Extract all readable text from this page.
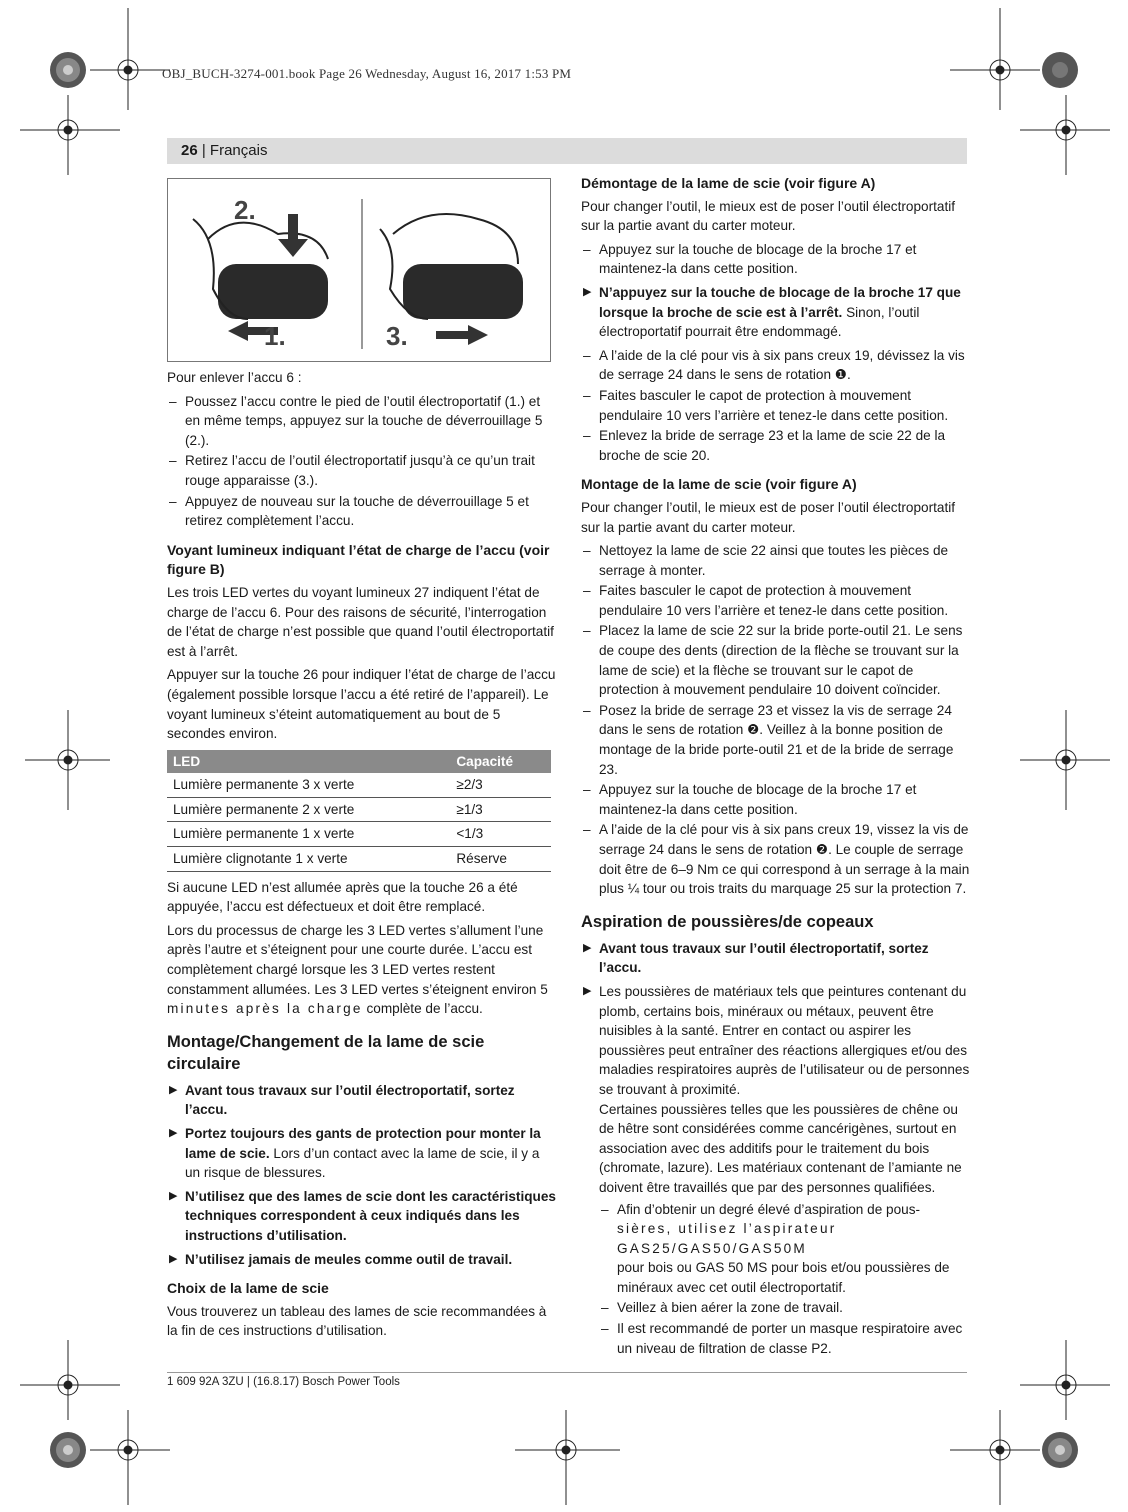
OBJ_BUCH-3274-001.book Page 26 Wednesday, August 16, 2017 1:53 PM
26 | Français
2.
1.	3.

Pour enlever l’accu 6 :

– Poussez l’accu contre le pied de l’outil électroportatif (1.) et en même temps, appuyez sur la touche de déverrouillage 5 (2.).
– Retirez l’accu de l’outil électroportatif jusqu’à ce qu’un trait rouge apparaisse (3.).
– Appuyez de nouveau sur la touche de déverrouillage 5 et retirez complètement l’accu.
Voyant lumineux indiquant l’état de charge de l’accu (voir figure B)

Les trois LED vertes du voyant lumineux 27 indiquent l’état de charge de l’accu 6. Pour des raisons de sécurité, l’interrogation de l’état de charge n’est possible que quand l’outil électroportatif est à l’arrêt.

Appuyer sur la touche 26 pour indiquer l’état de charge de l’accu (également possible lorsque l’accu a été retiré de l’appareil). Le voyant lumineux s’éteint automatiquement au bout de 5 secondes environ.

LED	Capacité
Lumière permanente 3 x verte	≥2/3
Lumière permanente 2 x verte	≥1/3
Lumière permanente 1 x verte	<1/3
Lumière clignotante 1 x verte	Réserve

Si aucune LED n’est allumée après que la touche 26 a été appuyée, l’accu est défectueux et doit être remplacé.

Lors du processus de charge les 3 LED vertes s’allument l’une après l’autre et s’éteignent pour une courte durée. L’accu est complètement chargé lorsque les 3 LED vertes restent constamment allumées. Les 3 LED vertes s’éteignent environ 5 minutes après la charge complète de l’accu.

Montage/Changement de la lame de scie circulaire
▶ Avant tous travaux sur l’outil électroportatif, sortez l’accu.
▶ Portez toujours des gants de protection pour monter la lame de scie. Lors d’un contact avec la lame de scie, il y a un risque de blessures.
▶ N’utilisez que des lames de scie dont les caractéristiques techniques correspondent à ceux indiqués dans les instructions d’utilisation.
▶ N’utilisez jamais de meules comme outil de travail.
Choix de la lame de scie

Vous trouverez un tableau des lames de scie recommandées à la fin de ces instructions d’utilisation.

Démontage de la lame de scie (voir figure A)

Pour changer l’outil, le mieux est de poser l’outil électroportatif sur la partie avant du carter moteur.

– Appuyez sur la touche de blocage de la broche 17 et maintenez-la dans cette position.
▶ N’appuyez sur la touche de blocage de la broche 17 que lorsque la broche de scie est à l’arrêt. Sinon, l’outil électroportatif pourrait être endommagé.
– A l’aide de la clé pour vis à six pans creux 19, dévissez la vis de serrage 24 dans le sens de rotation ❶.
– Faites basculer le capot de protection à mouvement pendulaire 10 vers l’arrière et tenez-le dans cette position.
– Enlevez la bride de serrage 23 et la lame de scie 22 de la broche de scie 20.
Montage de la lame de scie (voir figure A)

Pour changer l’outil, le mieux est de poser l’outil électroportatif sur la partie avant du carter moteur.

– Nettoyez la lame de scie 22 ainsi que toutes les pièces de serrage à monter.
– Faites basculer le capot de protection à mouvement pendulaire 10 vers l’arrière et tenez-le dans cette position.
– Placez la lame de scie 22 sur la bride porte-outil 21. Le sens de coupe des dents (direction de la flèche se trouvant sur la lame de scie) et la flèche se trouvant sur le capot de protection à mouvement pendulaire 10 doivent coïncider.
– Posez la bride de serrage 23 et vissez la vis de serrage 24 dans le sens de rotation ❷. Veillez à la bonne position de montage de la bride porte-outil 21 et de la bride de serrage 23.
– Appuyez sur la touche de blocage de la broche 17 et maintenez-la dans cette position.
– A l’aide de la clé pour vis à six pans creux 19, vissez la vis de serrage 24 dans le sens de rotation ❷. Le couple de serrage doit être de 6–9 Nm ce qui correspond à un serrage à la main plus ¼ tour ou trois traits du marquage 25 sur la protection 7.
Aspiration de poussières/de copeaux
▶ Avant tous travaux sur l’outil électroportatif, sortez l’accu.
▶ Les poussières de matériaux tels que peintures contenant du plomb, certains bois, minéraux ou métaux, peuvent être nuisibles à la santé. Entrer en contact ou aspirer les poussières peut entraîner des réactions allergiques et/ou des maladies respiratoires auprès de l’utilisateur ou de personnes se trouvant à proximité.
Certaines poussières telles que les poussières de chêne ou de hêtre sont considérées comme cancérigènes, surtout en association avec des additifs pour le traitement du bois (chromate, lazure). Les matériaux contenant de l’amiante ne doivent être travaillés que par des personnes qualifiées.
– Afin d’obtenir un degré élevé d’aspiration de pous-
sières, utilisez l’aspirateur GAS25/GAS50/GAS50M
pour bois ou GAS 50 MS pour bois et/ou poussières de minéraux avec cet outil électroportatif.
– Veillez à bien aérer la zone de travail.
– Il est recommandé de porter un masque respiratoire avec un niveau de filtration de classe P2.
1 609 92A 3ZU | (16.8.17) Bosch Power Tools
